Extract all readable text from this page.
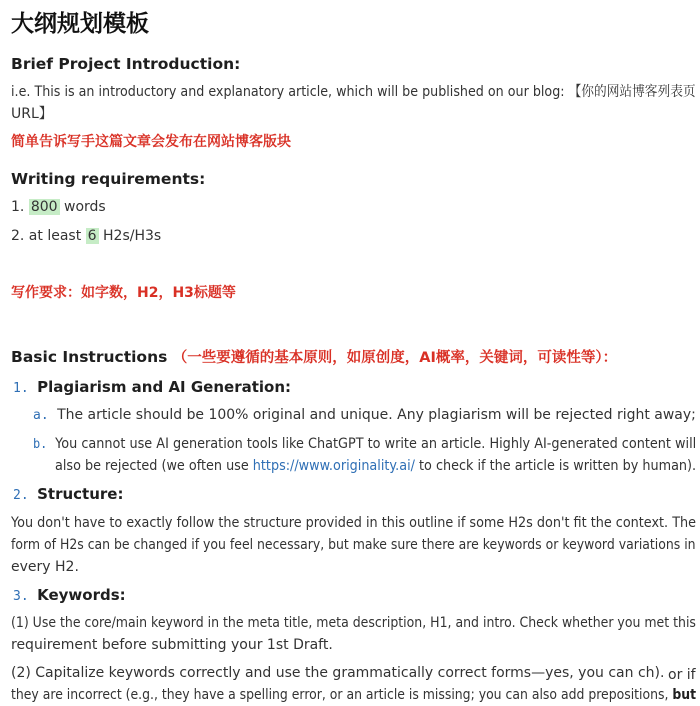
大纲规划模板
Brief Project Introduction:
i.e. This is an introductory and explanatory article, which will be published on our blog: 【你的网站博客列表页
URL】
简单告诉写手这篇文章会发布在网站博客版块
Writing requirements:
1. 800 words
2. at least 6 H2s/H3s
写作要求：如字数，H2，H3标题等
Basic Instructions （一些要遵循的基本原则，如原创度，AI概率，关键词，可读性等）：
1. Plagiarism and AI Generation:
a. The article should be 100% original and unique. Any plagiarism will be rejected right away;
b. You cannot use AI generation tools like ChatGPT to write an article. Highly AI-generated content will
also be rejected (we often use https://www.originality.ai/ to check if the article is written by human).
2. Structure:
You don't have to exactly follow the structure provided in this outline if some H2s don't fit the context. The
form of H2s can be changed if you feel necessary, but make sure there are keywords or keyword variations in
every H2.
3. Keywords:
(1) Use the core/main keyword in the meta title, meta description, H1, and intro. Check whether you met this
requirement before submitting your 1st Draft.
(2) Capitalize keywords correctly and use the grammatically correct forms—yes, you can ch). or if
they are incorrect (e.g., they have a spelling error, or an article is missing; you can also add prepositions, but
